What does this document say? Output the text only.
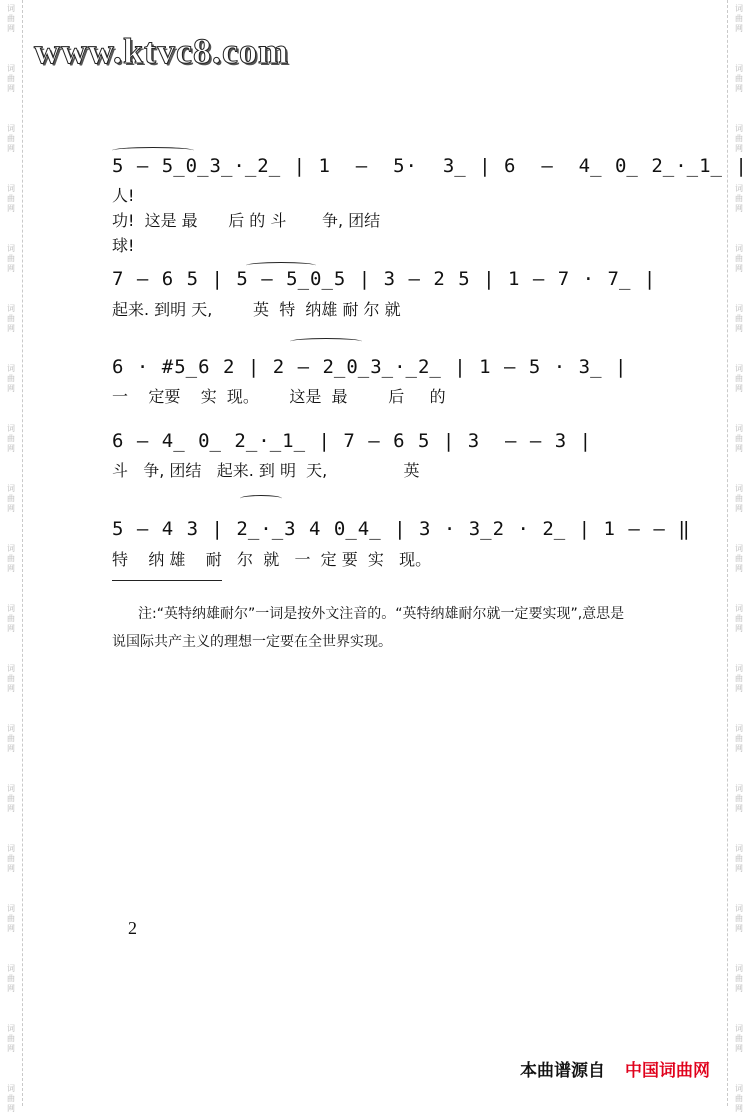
词
曲
网
词
曲
网
词
曲
网
词
曲
网
词
曲
网
词
曲
网
词
曲
网
词
曲
网
词
曲
网
词
曲
网
词
曲
网
词
曲
网
词
曲
网
词
曲
网
词
曲
网
词
曲
网
词
曲
网
词
曲
网
词
曲
网
词
曲
网
词
曲
网
词
曲
网
词
曲
网
词
曲
网
词
曲
网
词
曲
网
词
曲
网
词
曲
网
词
曲
网
词
曲
网
词
曲
网
词
曲
网
词
曲
网
词
曲
网
词
曲
网
词
曲
网
词
曲
网
词
曲
网
www.ktvc8.com
5 — 5̲0̲3̲·̲2̲ | 1  —  5·  3̲ | 6  —  4̲ 0̲ 2̲·̲1̲ |
人!
功!  这是 最      后 的 斗       争, 团结
球!
7 — 6 5 | 5 — 5̲0̲5 | 3 — 2 5 | 1 — 7 · 7̲ |
起来. 到明 天,        英  特  纳雄 耐 尔 就
6 · #5̲6 2 | 2 — 2̲0̲3̲·̲2̲ | 1 — 5 · 3̲ |
一    定要    实  现。      这是  最        后     的
6 — 4̲ 0̲ 2̲·̲1̲ | 7 — 6 5 | 3  — — 3 |
斗   争, 团结   起来. 到 明  天,               英
5 — 4 3 | 2̲·̲3 4 0̲4̲ | 3 · 3̲2 · 2̲ | 1 — — ‖
特    纳 雄    耐   尔  就   一  定 要  实   现。
注:“英特纳雄耐尔”一词是按外文注音的。“英特纳雄耐尔就一定要实现”,意思是说国际共产主义的理想一定要在全世界实现。
2
本曲谱源自 中国词曲网
